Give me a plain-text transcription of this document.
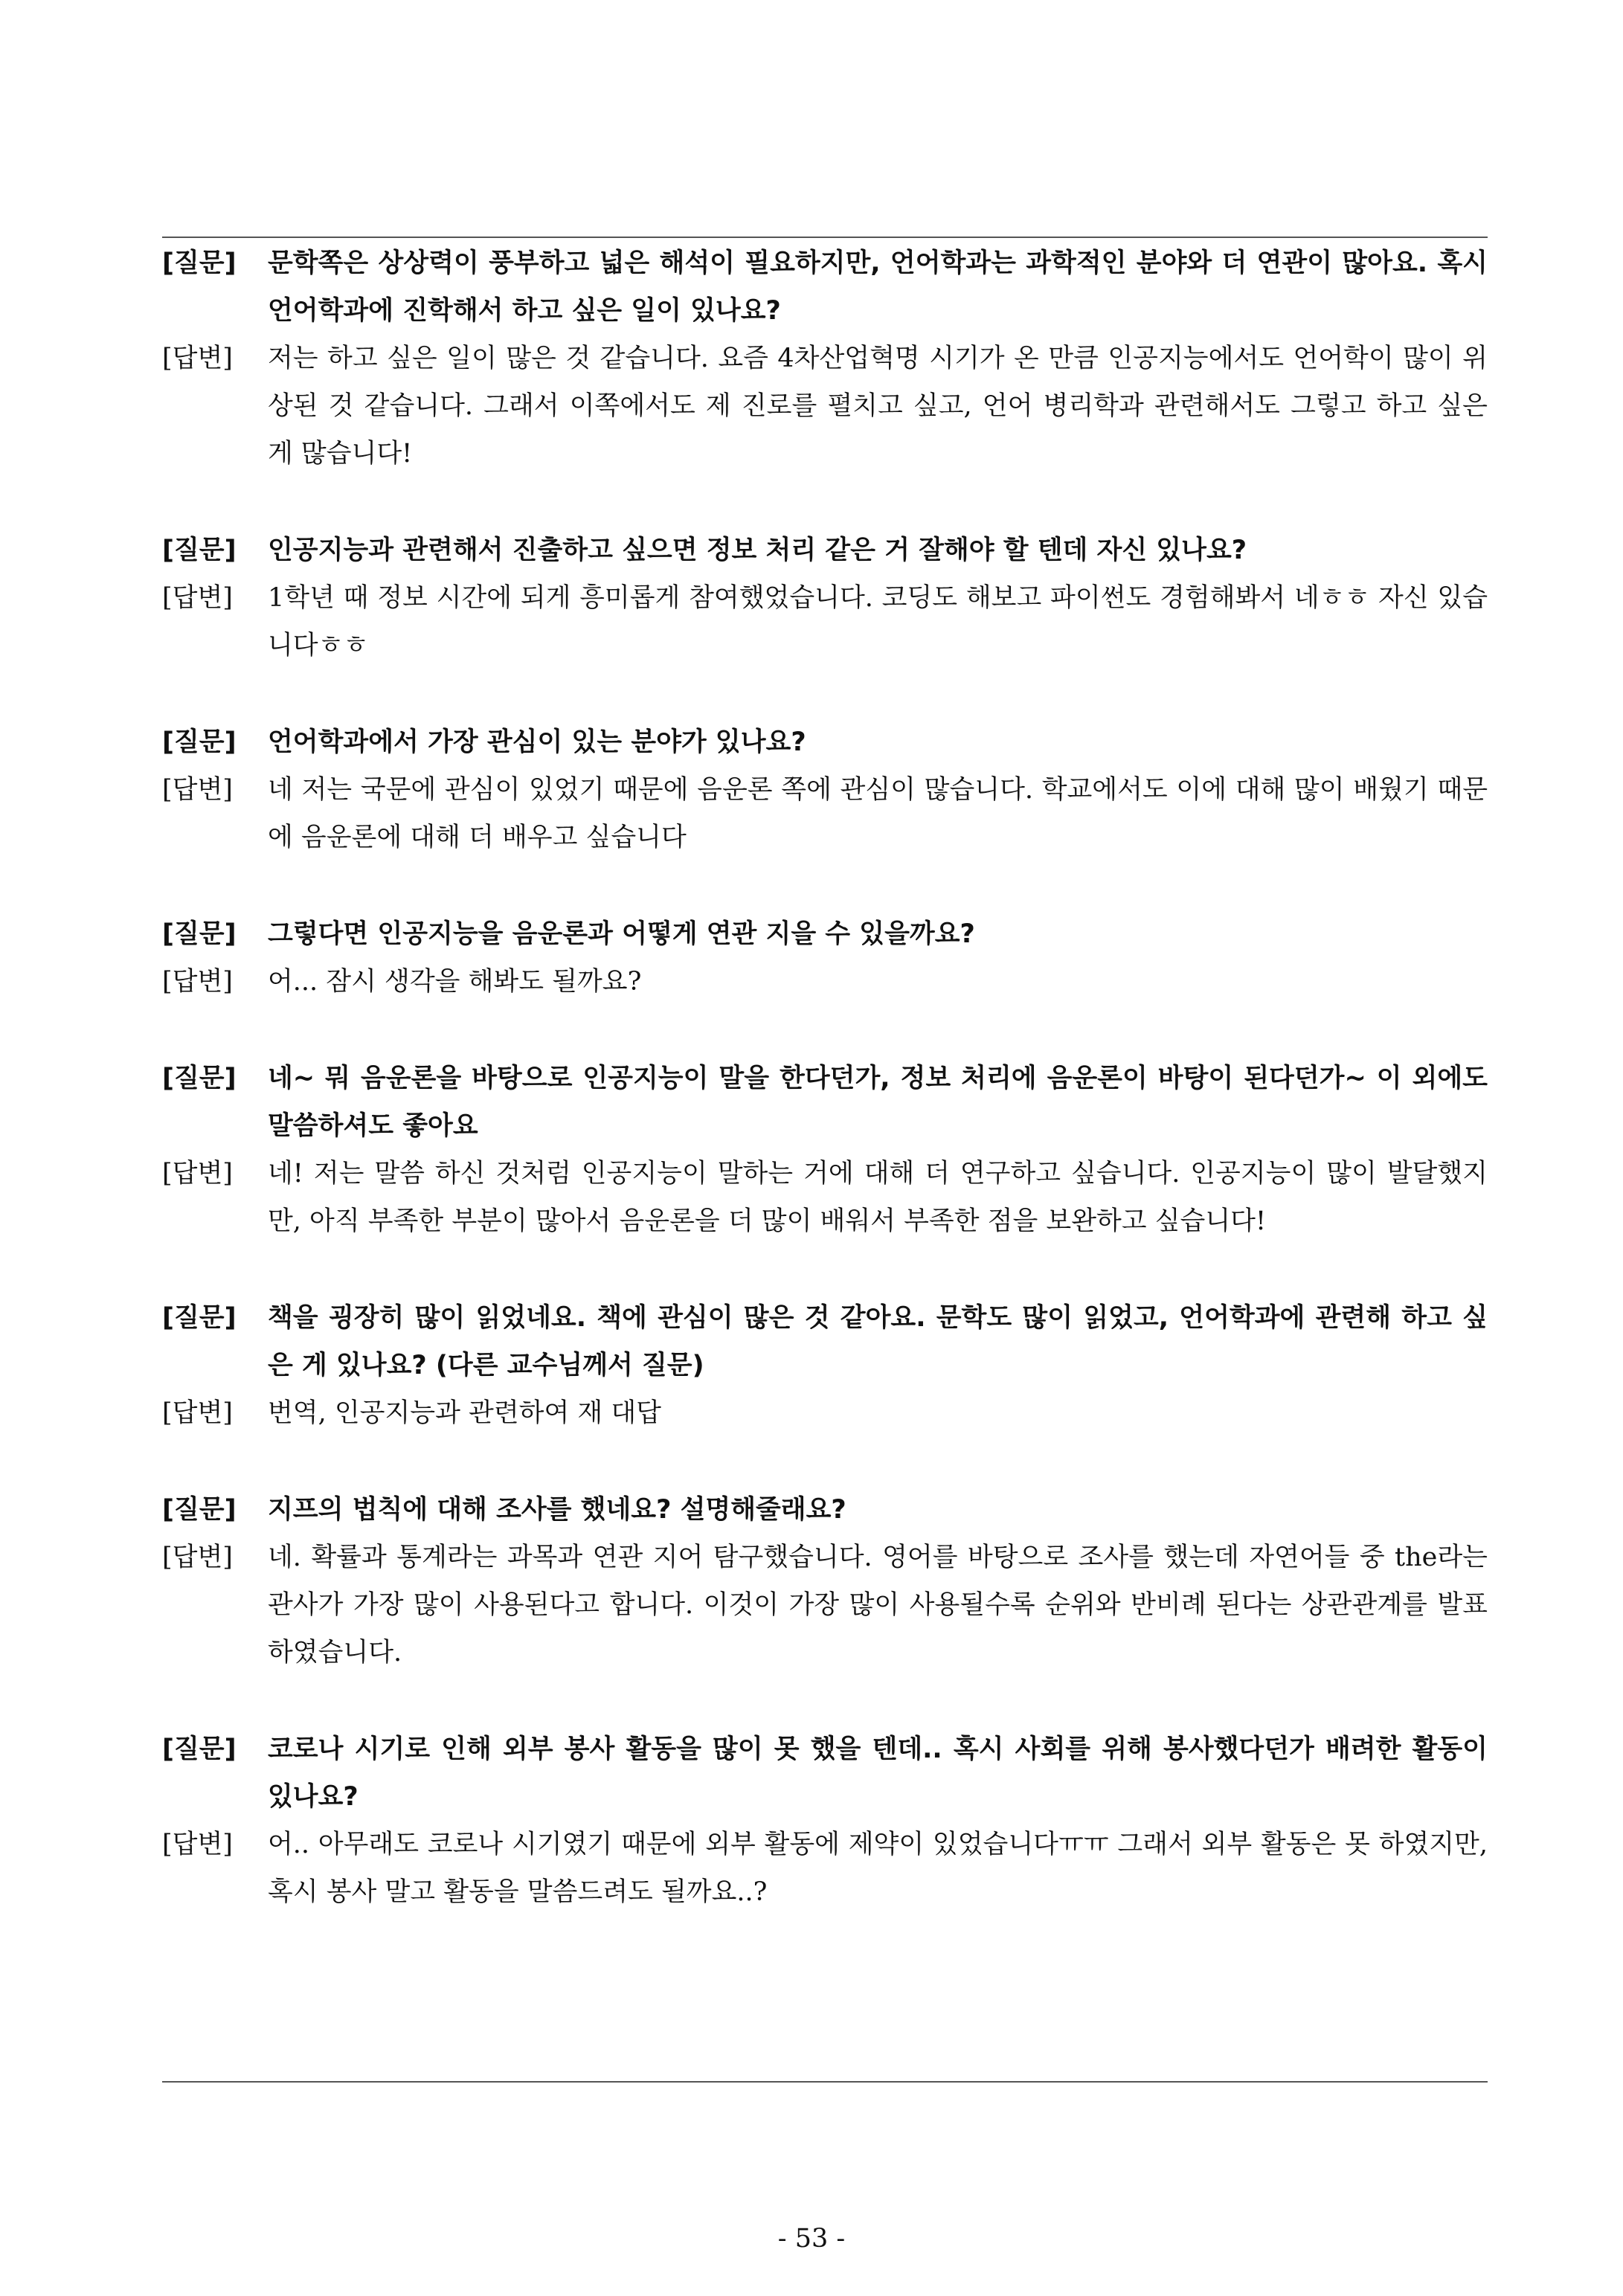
[질문]	문학쪽은 상상력이 풍부하고 넓은 해석이 필요하지만, 언어학과는 과학적인 분야와 더 연관이 많아요. 혹시 언어학과에 진학해서 하고 싶은 일이 있나요?
[답변]	저는 하고 싶은 일이 많은 것 같습니다. 요즘 4차산업혁명 시기가 온 만큼 인공지능에서도 언어학이 많이 위상된 것 같습니다. 그래서 이쪽에서도 제 진로를 펼치고 싶고, 언어 병리학과 관련해서도 그렇고 하고 싶은 게 많습니다!
[질문]	인공지능과 관련해서 진출하고 싶으면 정보 처리 같은 거 잘해야 할 텐데 자신 있나요?
[답변]	1학년 때 정보 시간에 되게 흥미롭게 참여했었습니다. 코딩도 해보고 파이썬도 경험해봐서 네ㅎㅎ 자신 있습니다ㅎㅎ
[질문]	언어학과에서 가장 관심이 있는 분야가 있나요?
[답변]	네 저는 국문에 관심이 있었기 때문에 음운론 쪽에 관심이 많습니다. 학교에서도 이에 대해 많이 배웠기 때문에 음운론에 대해 더 배우고 싶습니다
[질문]	그렇다면 인공지능을 음운론과 어떻게 연관 지을 수 있을까요?
[답변]	어... 잠시 생각을 해봐도 될까요?
[질문]	네~ 뭐 음운론을 바탕으로 인공지능이 말을 한다던가, 정보 처리에 음운론이 바탕이 된다던가~ 이 외에도 말씀하셔도 좋아요
[답변]	네! 저는 말씀 하신 것처럼 인공지능이 말하는 거에 대해 더 연구하고 싶습니다. 인공지능이 많이 발달했지만, 아직 부족한 부분이 많아서 음운론을 더 많이 배워서 부족한 점을 보완하고 싶습니다!
[질문]	책을 굉장히 많이 읽었네요. 책에 관심이 많은 것 같아요. 문학도 많이 읽었고, 언어학과에 관련해 하고 싶은 게 있나요? (다른 교수님께서 질문)
[답변]	번역, 인공지능과 관련하여 재 대답
[질문]	지프의 법칙에 대해 조사를 했네요? 설명해줄래요?
[답변]	네. 확률과 통계라는 과목과 연관 지어 탐구했습니다. 영어를 바탕으로 조사를 했는데 자연어들 중 the라는 관사가 가장 많이 사용된다고 합니다. 이것이 가장 많이 사용될수록 순위와 반비례 된다는 상관관계를 발표하였습니다.
[질문]	코로나 시기로 인해 외부 봉사 활동을 많이 못 했을 텐데.. 혹시 사회를 위해 봉사했다던가 배려한 활동이 있나요?
[답변]	어.. 아무래도 코로나 시기였기 때문에 외부 활동에 제약이 있었습니다ㅠㅠ 그래서 외부 활동은 못 하였지만, 혹시 봉사 말고 활동을 말씀드려도 될까요..?
- 53 -
